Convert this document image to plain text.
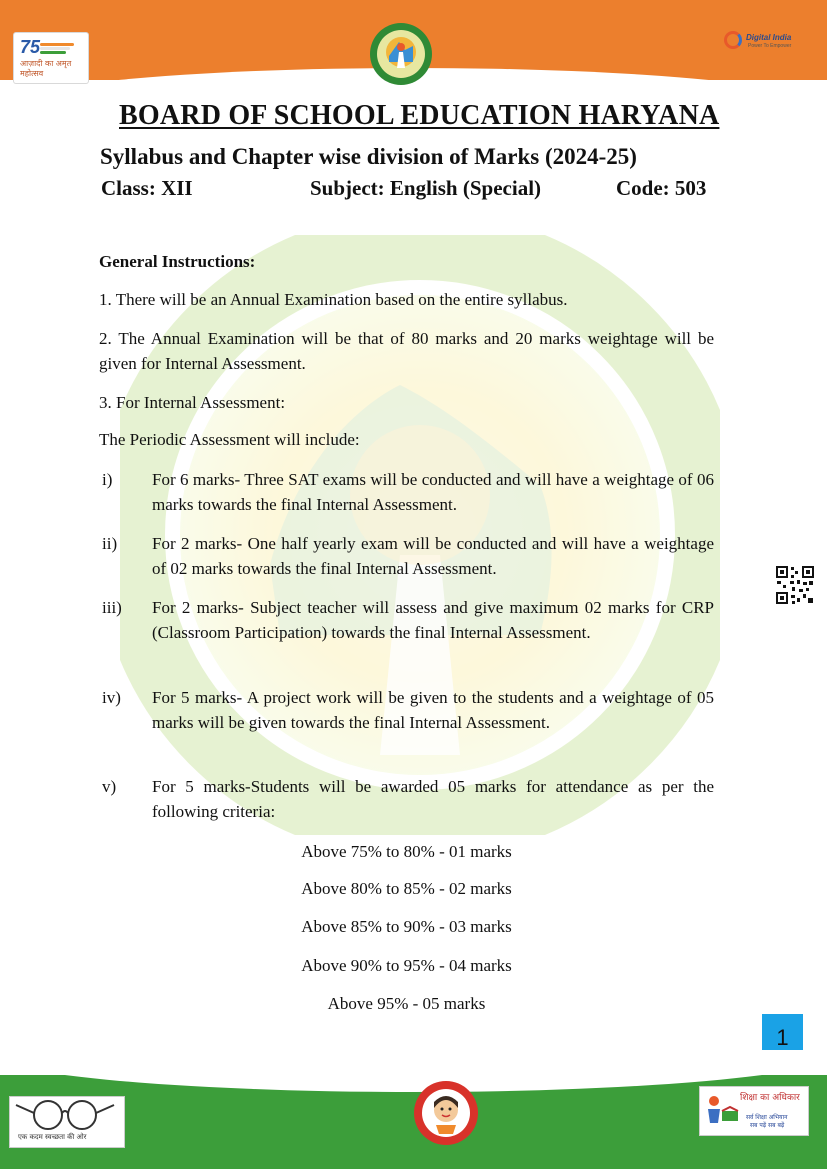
75
आज़ादी का अमृत महोत्सव
Digital India
Power To Empower
BOARD OF SCHOOL EDUCATION HARYANA
Syllabus and Chapter wise division of Marks (2024-25)
Class: XII	Subject: English (Special)	Code: 503
General Instructions:
1. There will be an Annual Examination based on the entire syllabus.
2. The Annual Examination will be that of 80 marks and 20 marks weightage will be given for Internal Assessment.
3. For Internal Assessment:
The Periodic Assessment will include:
i) For 6 marks- Three SAT exams will be conducted and will have a weightage of 06 marks towards the final Internal Assessment.
ii) For 2 marks- One half yearly exam will be conducted and will have a weightage of 02 marks towards the final Internal Assessment.
iii) For 2 marks- Subject teacher will assess and give maximum 02 marks for CRP (Classroom Participation) towards the final Internal Assessment.
iv) For 5 marks- A project work will be given to the students and a weightage of 05 marks will be given towards the final Internal Assessment.
v) For 5 marks-Students will be awarded 05 marks for attendance as per the following criteria:
Above 75% to 80% - 01 marks
Above 80% to 85% - 02 marks
Above 85% to 90% - 03 marks
Above 90% to 95% - 04 marks
Above 95% - 05 marks
1
एक कदम स्वच्छता की ओर
शिक्षा का अधिकार
सर्व शिक्षा अभियान
सब पढ़ें सब बढ़ें
